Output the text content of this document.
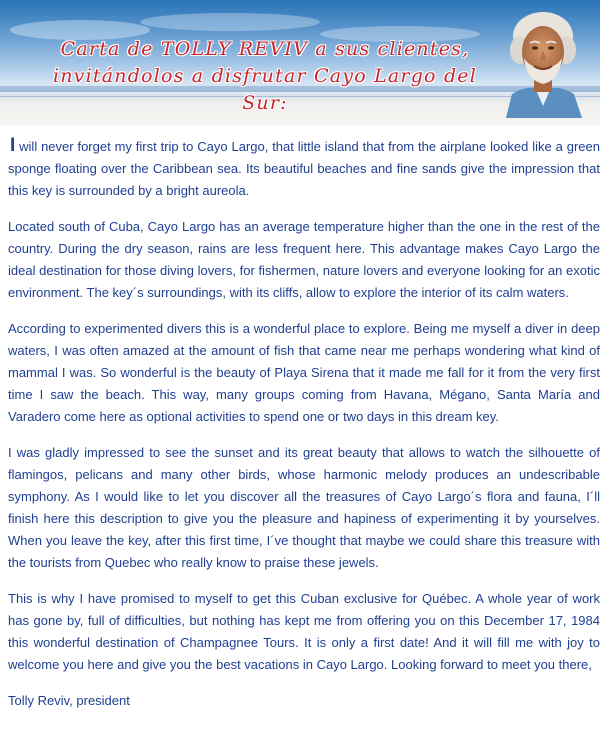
Carta de TOLLY REVIV a sus clientes,
invitándolos a disfrutar Cayo Largo del Sur:

I will never forget my first trip to Cayo Largo, that little island that from the airplane looked like a green sponge floating over the Caribbean sea. Its beautiful beaches and fine sands give the impression that this key is surrounded by a bright aureola.

Located south of Cuba, Cayo Largo has an average temperature higher than the one in the rest of the country. During the dry season, rains are less frequent here. This advantage makes Cayo Largo the ideal destination for those diving lovers, for fishermen, nature lovers and everyone looking for an exotic environment. The key´s surroundings, with its cliffs, allow to explore the interior of its calm waters.

According to experimented divers this is a wonderful place to explore. Being me myself a diver in deep waters, I was often amazed at the amount of fish that came near me perhaps wondering what kind of mammal I was. So wonderful is the beauty of Playa Sirena that it made me fall for it from the very first time I saw the beach. This way, many groups coming from Havana, Mégano, Santa María and Varadero come here as optional activities to spend one or two days in this dream key.

I was gladly impressed to see the sunset and its great beauty that allows to watch the silhouette of flamingos, pelicans and many other birds, whose harmonic melody produces an undescribable symphony. As I would like to let you discover all the treasures of Cayo Largo´s flora and fauna, I´ll finish here this description to give you the pleasure and hapiness of experimenting it by yourselves. When you leave the key, after this first time, I´ve thought that maybe we could share this treasure with the tourists from Quebec who really know to praise these jewels.

This is why I have promised to myself to get this Cuban exclusive for Québec. A whole year of work has gone by, full of difficulties, but nothing has kept me from offering you on this December 17, 1984 this wonderful destination of Champagnee Tours. It is only a first date! And it will fill me with joy to welcome you here and give you the best vacations in Cayo Largo. Looking forward to meet you there,

Tolly Reviv, president
